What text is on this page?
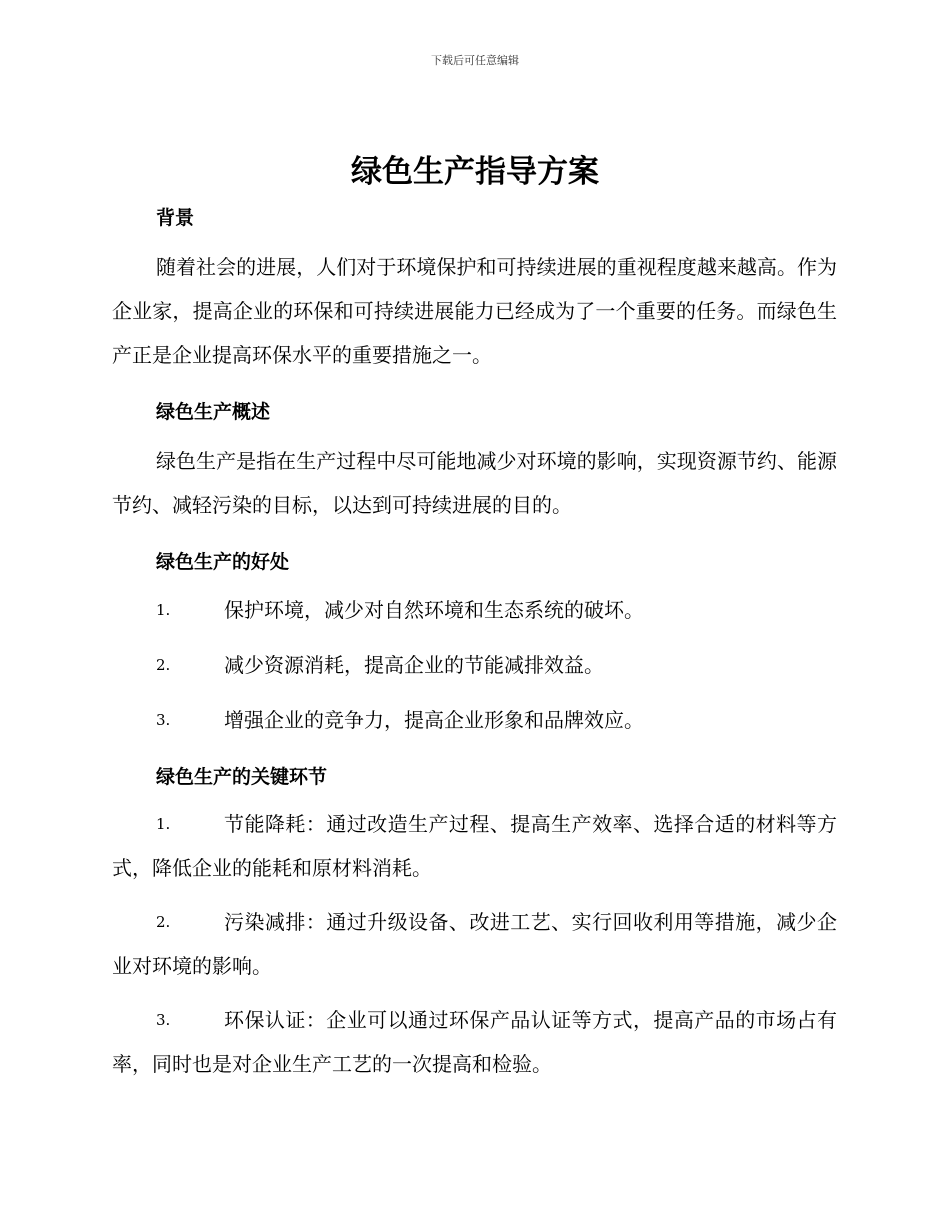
下载后可任意编辑
绿色生产指导方案
背景

随着社会的进展，人们对于环境保护和可持续进展的重视程度越来越高。作为企业家，提高企业的环保和可持续进展能力已经成为了一个重要的任务。而绿色生产正是企业提高环保水平的重要措施之一。

绿色生产概述

绿色生产是指在生产过程中尽可能地减少对环境的影响，实现资源节约、能源节约、减轻污染的目标，以达到可持续进展的目的。

绿色生产的好处
1.	保护环境，减少对自然环境和生态系统的破坏。
2.	减少资源消耗，提高企业的节能减排效益。
3.	增强企业的竞争力，提高企业形象和品牌效应。
绿色生产的关键环节
1.	节能降耗：通过改造生产过程、提高生产效率、选择合适的材料等方式，降低企业的能耗和原材料消耗。
2.	污染减排：通过升级设备、改进工艺、实行回收利用等措施，减少企业对环境的影响。
3.	环保认证：企业可以通过环保产品认证等方式，提高产品的市场占有率，同时也是对企业生产工艺的一次提高和检验。
